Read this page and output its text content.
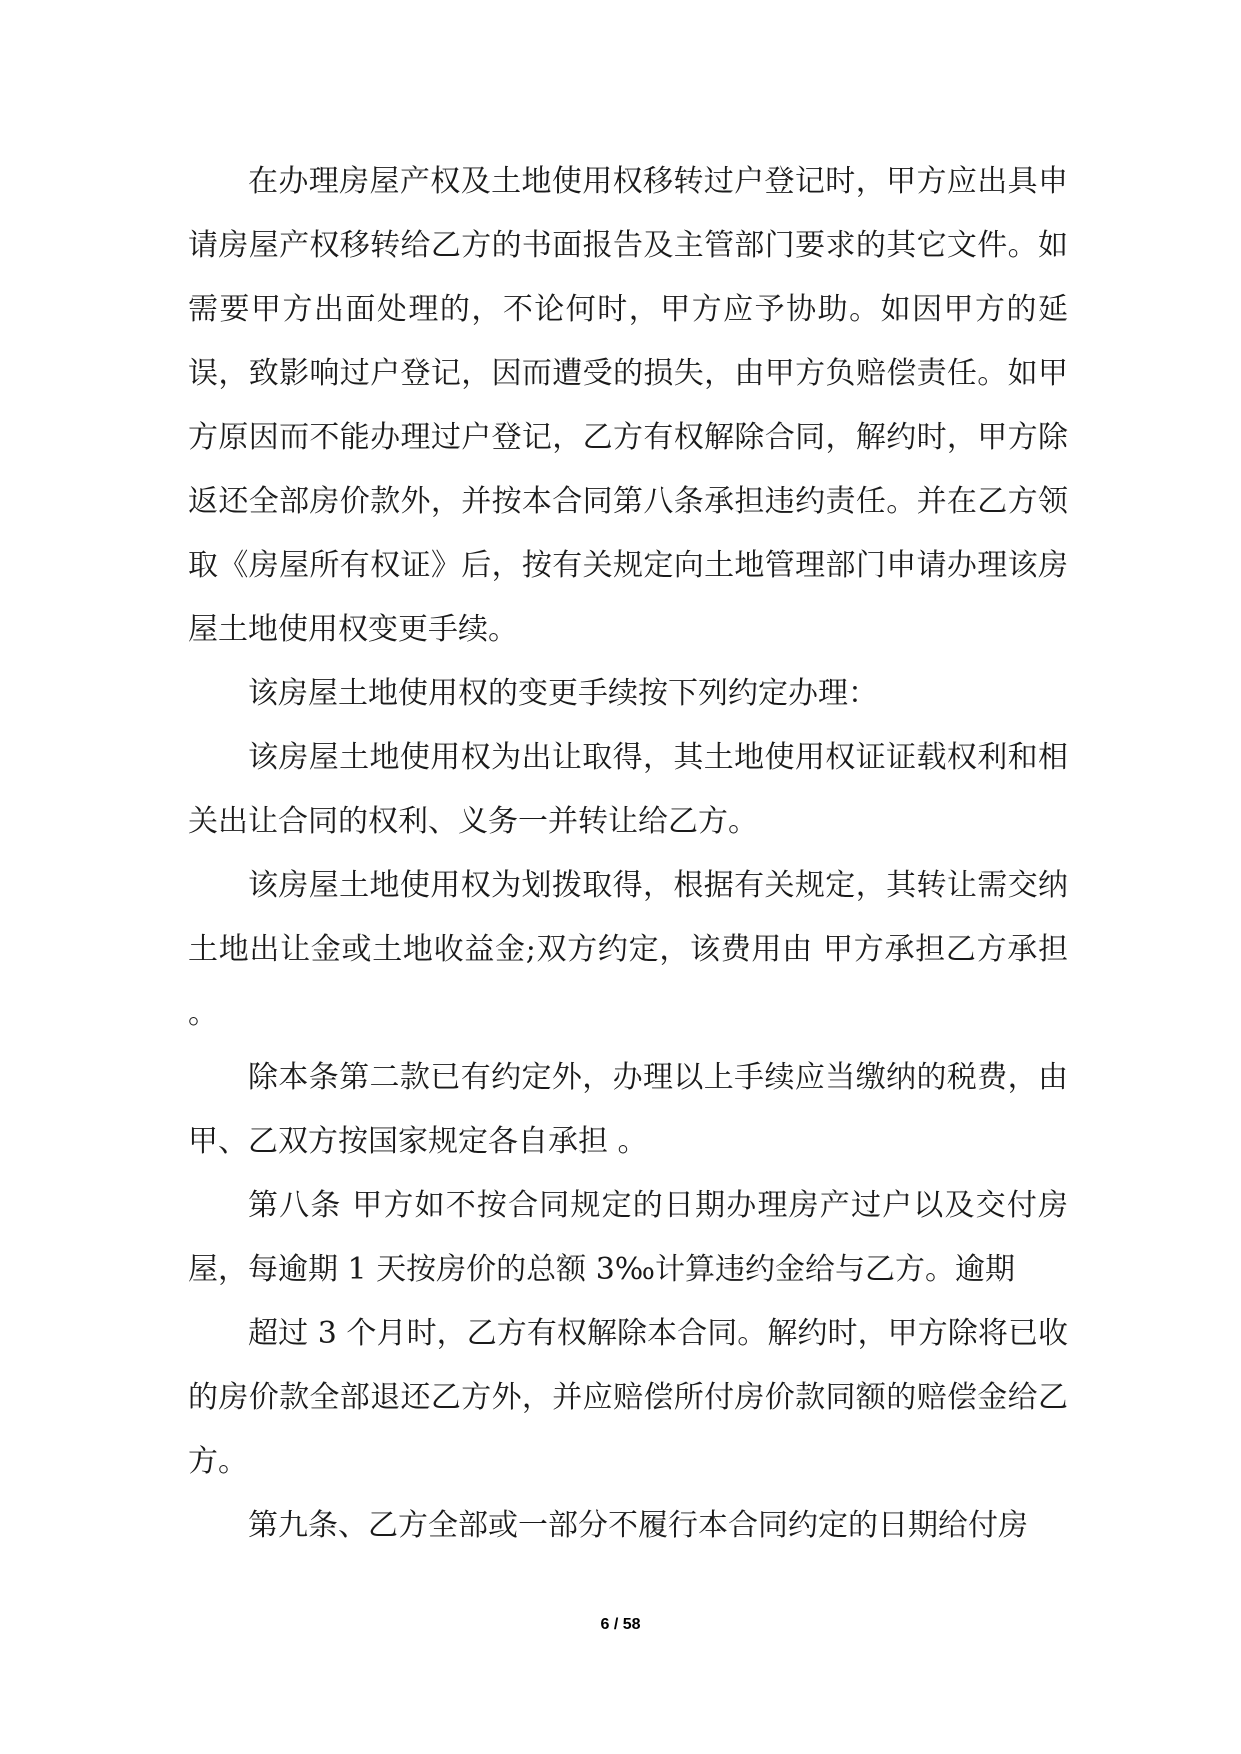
在办理房屋产权及土地使用权移转过户登记时，甲方应出具申请房屋产权移转给乙方的书面报告及主管部门要求的其它文件。如需要甲方出面处理的，不论何时，甲方应予协助。如因甲方的延误，致影响过户登记，因而遭受的损失，由甲方负赔偿责任。如甲方原因而不能办理过户登记，乙方有权解除合同，解约时，甲方除返还全部房价款外，并按本合同第八条承担违约责任。并在乙方领取《房屋所有权证》后，按有关规定向土地管理部门申请办理该房屋土地使用权变更手续。

该房屋土地使用权的变更手续按下列约定办理：

该房屋土地使用权为出让取得，其土地使用权证证载权利和相关出让合同的权利、义务一并转让给乙方。

该房屋土地使用权为划拨取得，根据有关规定，其转让需交纳土地出让金或土地收益金;双方约定，该费用由 甲方承担乙方承担 。

除本条第二款已有约定外，办理以上手续应当缴纳的税费，由 甲、乙双方按国家规定各自承担 。

第八条 甲方如不按合同规定的日期办理房产过户以及交付房屋，每逾期 1 天按房价的总额 3‰计算违约金给与乙方。逾期

超过 3 个月时，乙方有权解除本合同。解约时，甲方除将已收的房价款全部退还乙方外，并应赔偿所付房价款同额的赔偿金给乙方。

第九条、乙方全部或一部分不履行本合同约定的日期给付房

6 / 58
